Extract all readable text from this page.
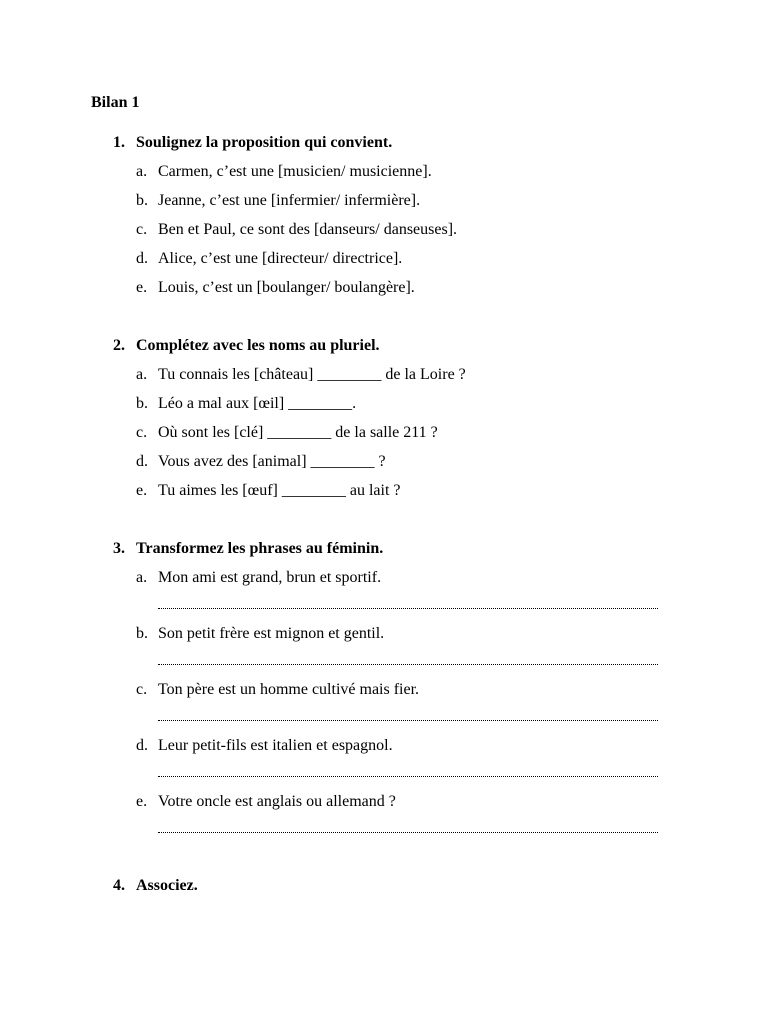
Bilan 1
1. Soulignez la proposition qui convient.
a. Carmen, c’est une [musicien/ musicienne].
b. Jeanne, c’est une [infermier/ infermière].
c. Ben et Paul, ce sont des [danseurs/ danseuses].
d. Alice, c’est une [directeur/ directrice].
e. Louis, c’est un [boulanger/ boulangère].
2. Complétez avec les noms au pluriel.
a. Tu connais les [château] ________ de la Loire ?
b. Léo a mal aux [œil] ________.
c. Où sont les [clé] ________ de la salle 211 ?
d. Vous avez des [animal] ________ ?
e. Tu aimes les [œuf] ________ au lait ?
3. Transformez les phrases au féminin.
a. Mon ami est grand, brun et sportif.
b. Son petit frère est mignon et gentil.
c. Ton père est un homme cultivé mais fier.
d. Leur petit-fils est italien et espagnol.
e. Votre oncle est anglais ou allemand ?
4. Associez.
